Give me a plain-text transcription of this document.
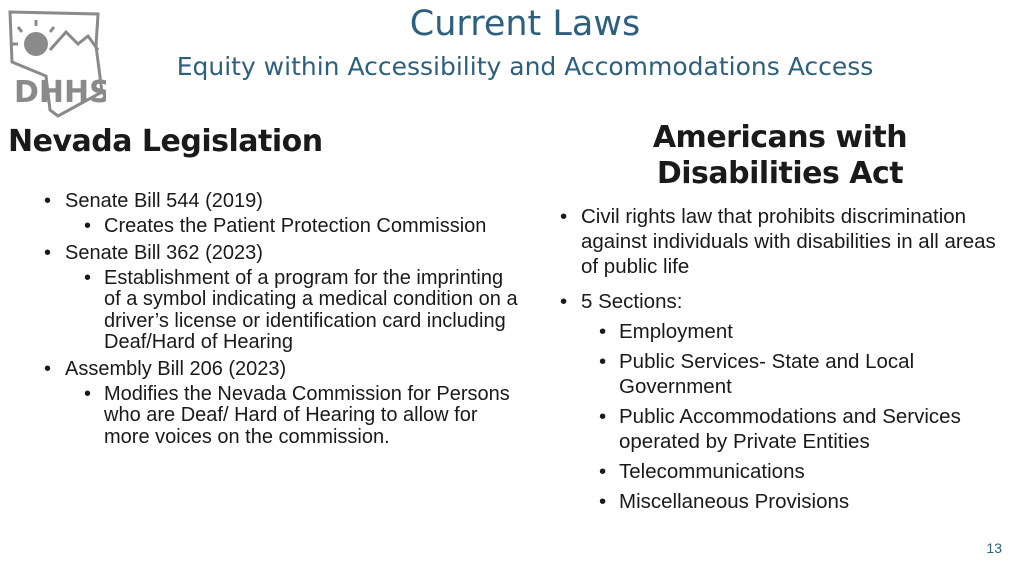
DHHS
Current Laws
Equity within Accessibility and Accommodations Access
Nevada Legislation
• Senate Bill 544 (2019)
• Creates the Patient Protection Commission
• Senate Bill 362 (2023)
• Establishment of a program for the imprinting of a symbol indicating a medical condition on a driver’s license or identification card including Deaf/Hard of Hearing
• Assembly Bill 206 (2023)
• Modifies the Nevada Commission for Persons who are Deaf/ Hard of Hearing to allow for more voices on the commission.
Americans with Disabilities Act
• Civil rights law that prohibits discrimination against individuals with disabilities in all areas of public life
• 5 Sections:
• Employment
• Public Services- State and Local Government
• Public Accommodations and Services operated by Private Entities
• Telecommunications
• Miscellaneous Provisions
13
